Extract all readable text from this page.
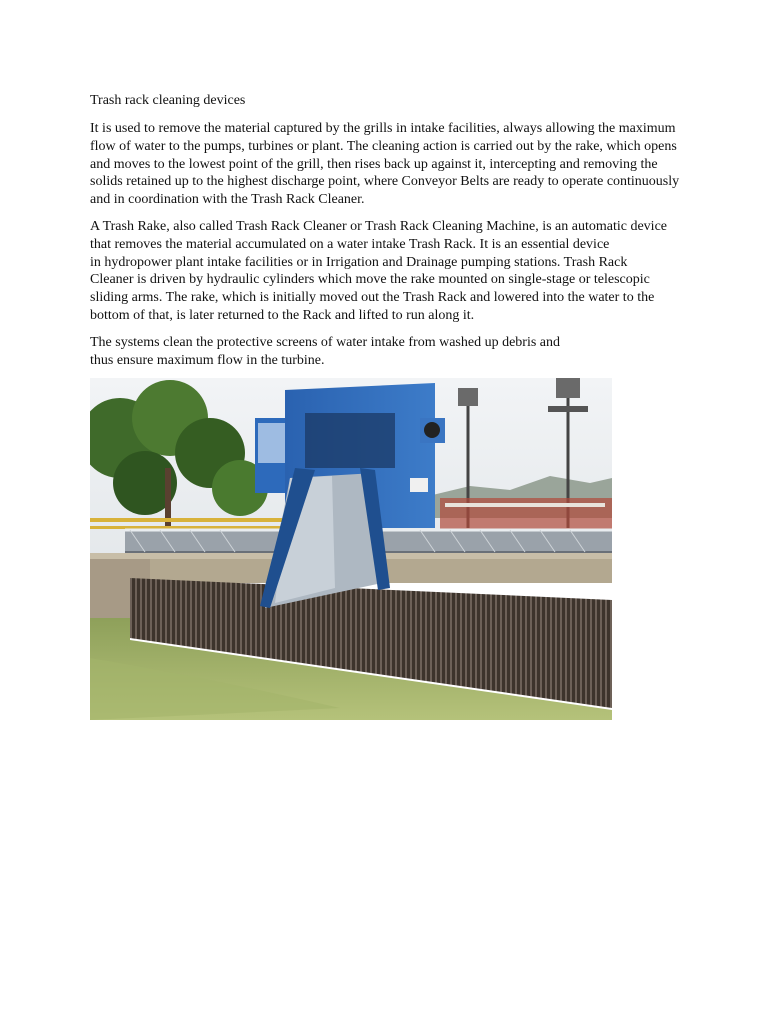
Trash rack cleaning devices

It is used to remove the material captured by the grills in intake facilities, always allowing the maximum
flow of water to the pumps, turbines or plant. The cleaning action is carried out by the rake, which opens
and moves to the lowest point of the grill, then rises back up against it, intercepting and removing the
solids retained up to the highest discharge point, where Conveyor Belts are ready to operate continuously
and in coordination with the Trash Rack Cleaner.

A Trash Rake, also called Trash Rack Cleaner or Trash Rack Cleaning Machine, is an automatic device
that removes the material accumulated on a water intake Trash Rack. It is an essential device
in hydropower plant intake facilities or in Irrigation and Drainage pumping stations. Trash Rack
Cleaner is driven by hydraulic cylinders which move the rake mounted on single-stage or telescopic
sliding arms. The rake, which is initially moved out the Trash Rack and lowered into the water to the
bottom of that, is later returned to the Rack and lifted to run along it.

The systems clean the protective screens of water intake from washed up debris and
thus ensure maximum flow in the turbine.
